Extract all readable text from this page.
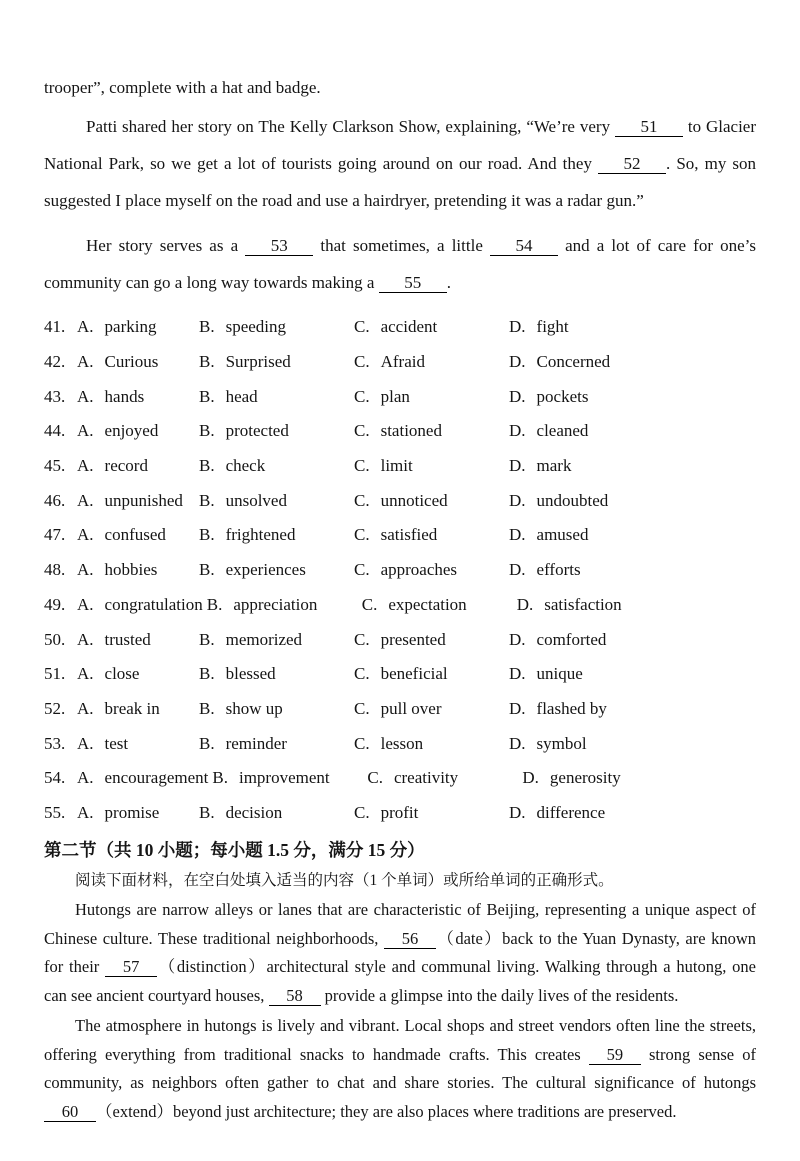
trooper”, complete with a hat and badge.

Patti shared her story on The Kelly Clarkson Show, explaining, “We’re very 51 to Glacier National Park, so we get a lot of tourists going around on our road. And they 52 . So, my son suggested I place myself on the road and use a hairdryer, pretending it was a radar gun.”

Her story serves as a 53 that sometimes, a little 54 and a lot of care for one’s community can go a long way towards making a 55 .

41. A. parking	B. speeding	C. accident	D. fight
42. A. Curious	B. Surprised	C. Afraid	D. Concerned
43. A. hands	B. head	C. plan	D. pockets
44. A. enjoyed	B. protected	C. stationed	D. cleaned
45. A. record	B. check	C. limit	D. mark
46. A. unpunished B. unsolved	C. unnoticed	D. undoubted
47. A. confused	B. frightened	C. satisfied	D. amused
48. A. hobbies	B. experiences	C. approaches	D. efforts
49. A. congratulation B. appreciation	C. expectation	D. satisfaction
50. A. trusted	B. memorized	C. presented	D. comforted
51. A. close	B. blessed	C. beneficial	D. unique
52. A. break in	B. show up	C. pull over	D. flashed by
53. A. test	B. reminder	C. lesson	D. symbol
54. A. encouragement B. improvement	C. creativity	D. generosity
55. A. promise	B. decision	C. profit	D. difference
第二节（共 10 小题；每小题 1.5 分，满分 15 分）
阅读下面材料，在空白处填入适当的内容（1 个单词）或所给单词的正确形式。

Hutongs are narrow alleys or lanes that are characteristic of Beijing, representing a unique aspect of Chinese culture. These traditional neighborhoods, 56 （date）back to the Yuan Dynasty, are known for their 57 （distinction）architectural style and communal living. Walking through a hutong, one can see ancient courtyard houses, 58 provide a glimpse into the daily lives of the residents.

The atmosphere in hutongs is lively and vibrant. Local shops and street vendors often line the streets, offering everything from traditional snacks to handmade crafts. This creates 59 strong sense of community, as neighbors often gather to chat and share stories. The cultural significance of hutongs 60 （extend）beyond just architecture; they are also places where traditions are preserved.
